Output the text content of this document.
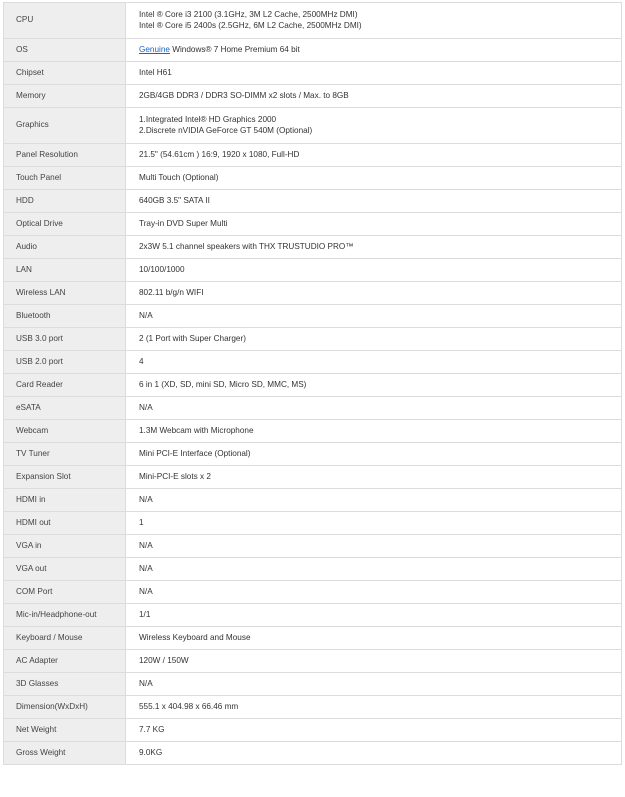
CPU	Intel ® Core i3 2100 (3.1GHz, 3M L2 Cache, 2500MHz DMI)
Intel ® Core i5 2400s (2.5GHz, 6M L2 Cache, 2500MHz DMI)

OS	Genuine Windows® 7 Home Premium 64 bit
Chipset	Intel H61

Memory	2GB/4GB DDR3 / DDR3 SO-DIMM x2 slots / Max. to 8GB

Graphics	1.Integrated Intel® HD Graphics 2000
2.Discrete nVIDIA GeForce GT 540M (Optional)

Panel Resolution	21.5" (54.61cm ) 16:9, 1920 x 1080, Full-HD

Touch Panel	Multi Touch (Optional)

HDD	640GB 3.5" SATA II

Optical Drive	Tray-in DVD Super Multi

Audio	2x3W 5.1 channel speakers with THX TRUSTUDIO PRO™

LAN	10/100/1000

Wireless LAN	802.11 b/g/n WIFI

Bluetooth	N/A

USB 3.0 port	2 (1 Port with Super Charger)

USB 2.0 port	4

Card Reader	6 in 1 (XD, SD, mini SD, Micro SD, MMC, MS)

eSATA	N/A

Webcam	1.3M Webcam with Microphone

TV Tuner	Mini PCI-E Interface (Optional)

Expansion Slot	Mini-PCI-E slots x 2

HDMI in	N/A

HDMI out	1

VGA in	N/A

VGA out	N/A

COM Port	N/A

Mic-in/Headphone-out	1/1

Keyboard / Mouse	Wireless Keyboard and Mouse

AC Adapter	120W / 150W

3D Glasses	N/A

Dimension(WxDxH)	555.1 x 404.98 x 66.46 mm

Net Weight	7.7 KG

Gross Weight	9.0KG
